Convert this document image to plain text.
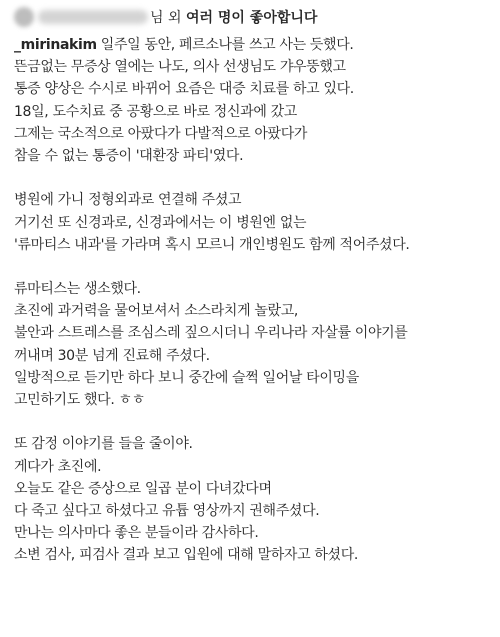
님 외 여러 명이 좋아합니다
_mirinakim 일주일 동안, 페르소나를 쓰고 사는 듯했다.
뜬금없는 무증상 열에는 나도, 의사 선생님도 갸우뚱했고
통증 양상은 수시로 바뀌어 요즘은 대증 치료를 하고 있다.
18일, 도수치료 중 공황으로 바로 정신과에 갔고
그제는 국소적으로 아팠다가 다발적으로 아팠다가
참을 수 없는 통증이 '대환장 파티'였다.
병원에 가니 정형외과로 연결해 주셨고
거기선 또 신경과로, 신경과에서는 이 병원엔 없는
'류마티스 내과'를 가라며 혹시 모르니 개인병원도 함께 적어주셨다.
류마티스는 생소했다.
초진에 과거력을 물어보셔서 소스라치게 놀랐고,
불안과 스트레스를 조심스레 짚으시더니 우리나라 자살률 이야기를
꺼내며 30분 넘게 진료해 주셨다.
일방적으로 듣기만 하다 보니 중간에 슬쩍 일어날 타이밍을
고민하기도 했다. ㅎㅎ
또 감정 이야기를 들을 줄이야.
게다가 초진에.
오늘도 같은 증상으로 일곱 분이 다녀갔다며
다 죽고 싶다고 하셨다고 유튭 영상까지 권해주셨다.
만나는 의사마다 좋은 분들이라 감사하다.
소변 검사, 피검사 결과 보고 입원에 대해 말하자고 하셨다.
